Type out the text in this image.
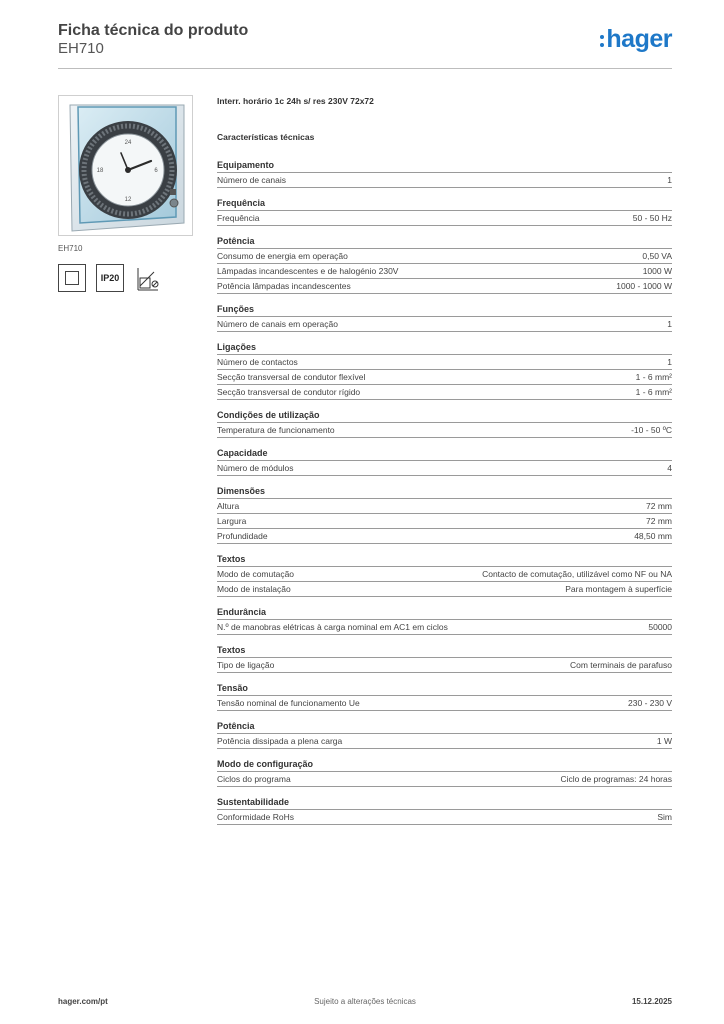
Ficha técnica do produto
EH710	hager
24
6
12
18
EH710
IP20
Interr. horário 1c 24h s/ res 230V 72x72
Características técnicas
Equipamento
Número de canais	1
Frequência
Frequência	50 - 50 Hz
Potência
Consumo de energia em operação	0,50 VA
Lâmpadas incandescentes e de halogénio 230V	1000 W
Potência lâmpadas incandescentes	1000 - 1000 W
Funções
Número de canais em operação	1
Ligações
Número de contactos	1
Secção transversal de condutor flexível	1 - 6 mm²
Secção transversal de condutor rígido	1 - 6 mm²
Condições de utilização
Temperatura de funcionamento	-10 - 50 ºC
Capacidade
Número de módulos	4
Dimensões
Altura	72 mm
Largura	72 mm
Profundidade	48,50 mm
Textos
Modo de comutação	Contacto de comutação, utilizável como NF ou NA
Modo de instalação	Para montagem à superfície
Endurância
N.º de manobras elétricas à carga nominal em AC1 em ciclos	50000
Textos
Tipo de ligação	Com terminais de parafuso
Tensão
Tensão nominal de funcionamento Ue	230 - 230 V
Potência
Potência dissipada a plena carga	1 W
Modo de configuração
Ciclos do programa	Ciclo de programas: 24 horas
Sustentabilidade
Conformidade RoHs	Sim
hager.com/pt	Sujeito a alterações técnicas	15.12.2025
